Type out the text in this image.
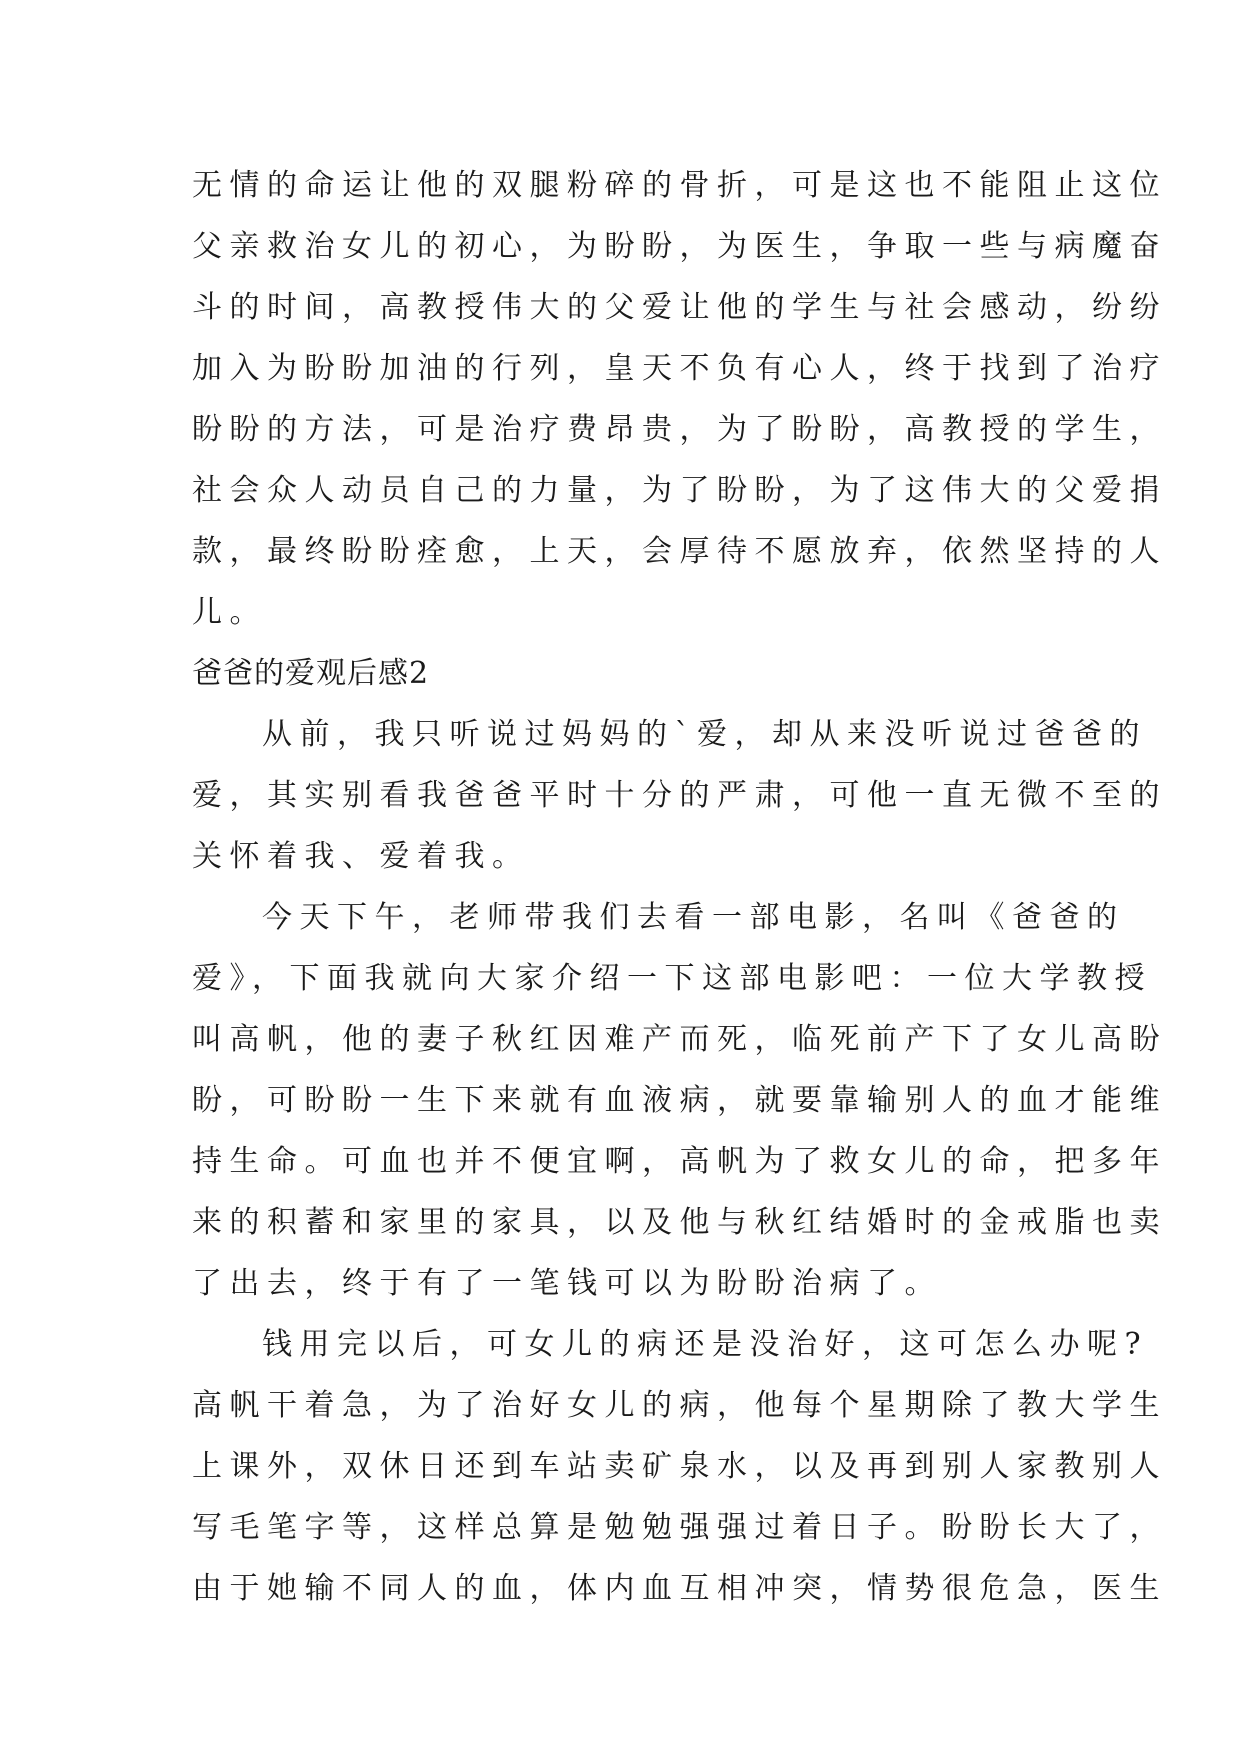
无情的命运让他的双腿粉碎的骨折，可是这也不能阻止这位
父亲救治女儿的初心，为盼盼，为医生，争取一些与病魔奋
斗的时间，高教授伟大的父爱让他的学生与社会感动，纷纷
加入为盼盼加油的行列，皇天不负有心人，终于找到了治疗
盼盼的方法，可是治疗费昂贵，为了盼盼，高教授的学生，
社会众人动员自己的力量，为了盼盼，为了这伟大的父爱捐
款，最终盼盼痊愈，上天，会厚待不愿放弃，依然坚持的人
儿。
爸爸的爱观后感2
从前，我只听说过妈妈的`爱，却从来没听说过爸爸的
爱，其实别看我爸爸平时十分的严肃，可他一直无微不至的
关怀着我、爱着我。
今天下午，老师带我们去看一部电影，名叫《爸爸的
爱》，下面我就向大家介绍一下这部电影吧：一位大学教授
叫高帆，他的妻子秋红因难产而死，临死前产下了女儿高盼
盼，可盼盼一生下来就有血液病，就要靠输别人的血才能维
持生命。可血也并不便宜啊，高帆为了救女儿的命，把多年
来的积蓄和家里的家具，以及他与秋红结婚时的金戒脂也卖
了出去，终于有了一笔钱可以为盼盼治病了。
钱用完以后，可女儿的病还是没治好，这可怎么办呢?
高帆干着急，为了治好女儿的病，他每个星期除了教大学生
上课外，双休日还到车站卖矿泉水，以及再到别人家教别人
写毛笔字等，这样总算是勉勉强强过着日子。盼盼长大了，
由于她输不同人的血，体内血互相冲突，情势很危急，医生
